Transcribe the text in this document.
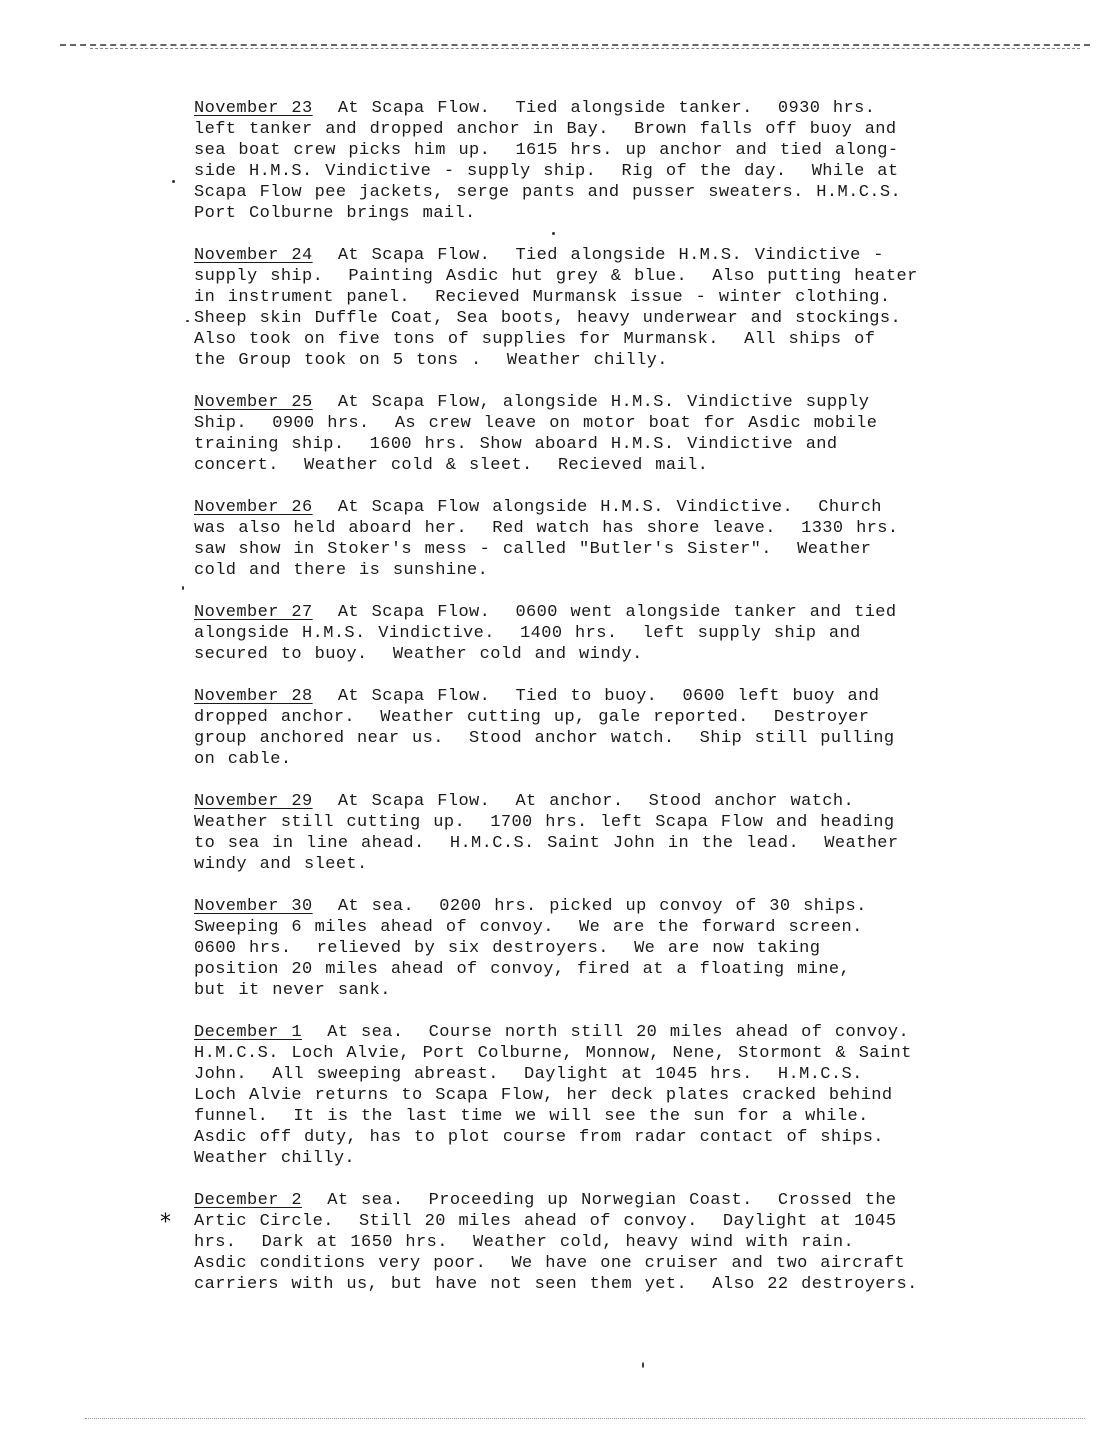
November 23  At Scapa Flow.  Tied alongside tanker.  0930 hrs.
left tanker and dropped anchor in Bay.  Brown falls off buoy and
sea boat crew picks him up.  1615 hrs. up anchor and tied along-
side H.M.S. Vindictive - supply ship.  Rig of the day.  While at
Scapa Flow pee jackets, serge pants and pusser sweaters. H.M.C.S.
Port Colburne brings mail.

November 24  At Scapa Flow.  Tied alongside H.M.S. Vindictive -
supply ship.  Painting Asdic hut grey & blue.  Also putting heater
in instrument panel.  Recieved Murmansk issue - winter clothing.
Sheep skin Duffle Coat, Sea boots, heavy underwear and stockings.
Also took on five tons of supplies for Murmansk.  All ships of
the Group took on 5 tons .  Weather chilly.

November 25  At Scapa Flow, alongside H.M.S. Vindictive supply
Ship.  0900 hrs.  As crew leave on motor boat for Asdic mobile
training ship.  1600 hrs. Show aboard H.M.S. Vindictive and
concert.  Weather cold & sleet.  Recieved mail.

November 26  At Scapa Flow alongside H.M.S. Vindictive.  Church
was also held aboard her.  Red watch has shore leave.  1330 hrs.
saw show in Stoker's mess - called "Butler's Sister".  Weather
cold and there is sunshine.

November 27  At Scapa Flow.  0600 went alongside tanker and tied
alongside H.M.S. Vindictive.  1400 hrs.  left supply ship and
secured to buoy.  Weather cold and windy.

November 28  At Scapa Flow.  Tied to buoy.  0600 left buoy and
dropped anchor.  Weather cutting up, gale reported.  Destroyer
group anchored near us.  Stood anchor watch.  Ship still pulling
on cable.

November 29  At Scapa Flow.  At anchor.  Stood anchor watch.
Weather still cutting up.  1700 hrs. left Scapa Flow and heading
to sea in line ahead.  H.M.C.S. Saint John in the lead.  Weather
windy and sleet.

November 30  At sea.  0200 hrs. picked up convoy of 30 ships.
Sweeping 6 miles ahead of convoy.  We are the forward screen.
0600 hrs.  relieved by six destroyers.  We are now taking
position 20 miles ahead of convoy, fired at a floating mine,
but it never sank.

December 1  At sea.  Course north still 20 miles ahead of convoy.
H.M.C.S. Loch Alvie, Port Colburne, Monnow, Nene, Stormont & Saint
John.  All sweeping abreast.  Daylight at 1045 hrs.  H.M.C.S.
Loch Alvie returns to Scapa Flow, her deck plates cracked behind
funnel.  It is the last time we will see the sun for a while.
Asdic off duty, has to plot course from radar contact of ships.
Weather chilly.

December 2  At sea.  Proceeding up Norwegian Coast.  Crossed the
Artic Circle.  Still 20 miles ahead of convoy.  Daylight at 1045
hrs.  Dark at 1650 hrs.  Weather cold, heavy wind with rain.
Asdic conditions very poor.  We have one cruiser and two aircraft
carriers with us, but have not seen them yet.  Also 22 destroyers.

*
